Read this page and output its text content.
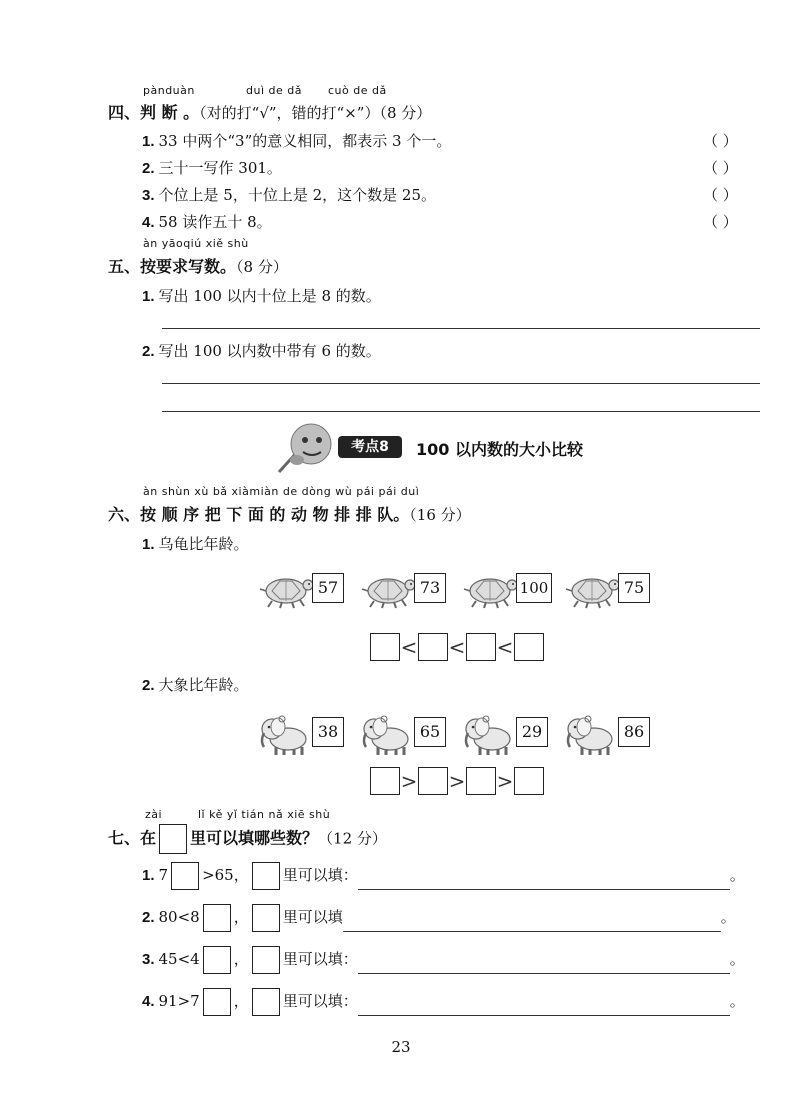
pànduàn	duì de dǎ cuò de dǎ
四、判 断 。（对的打“√”，错的打“×”）（8 分）
1. 33 中两个“3”的意义相同，都表示 3 个一。	（ ）
2. 三十一写作 301。	（ ）
3. 个位上是 5，十位上是 2，这个数是 25。	（ ）
4. 58 读作五十 8。	（ ）
àn yāoqiú xiě shù
五、按要求写数。（8 分）
1. 写出 100 以内十位上是 8 的数。
2. 写出 100 以内数中带有 6 的数。
考点8	100 以内数的大小比较
àn shùn xù bǎ xiàmiàn de dòng wù pái pái duì
六、按 顺 序 把 下 面 的 动 物 排 排 队。（16 分）
1. 乌龟比年龄。
57	73	100	75
< < <
2. 大象比年龄。
38	65	29	86
> > >
zài	lǐ kě yǐ tián nǎ xiē shù
七、在 里可以填哪些数？（12 分）
1. 7 >65， 里可以填：	。
2. 80<8 ， 里可以填	。
3. 45<4 ， 里可以填：	。
4. 91>7 ， 里可以填：	。
23
